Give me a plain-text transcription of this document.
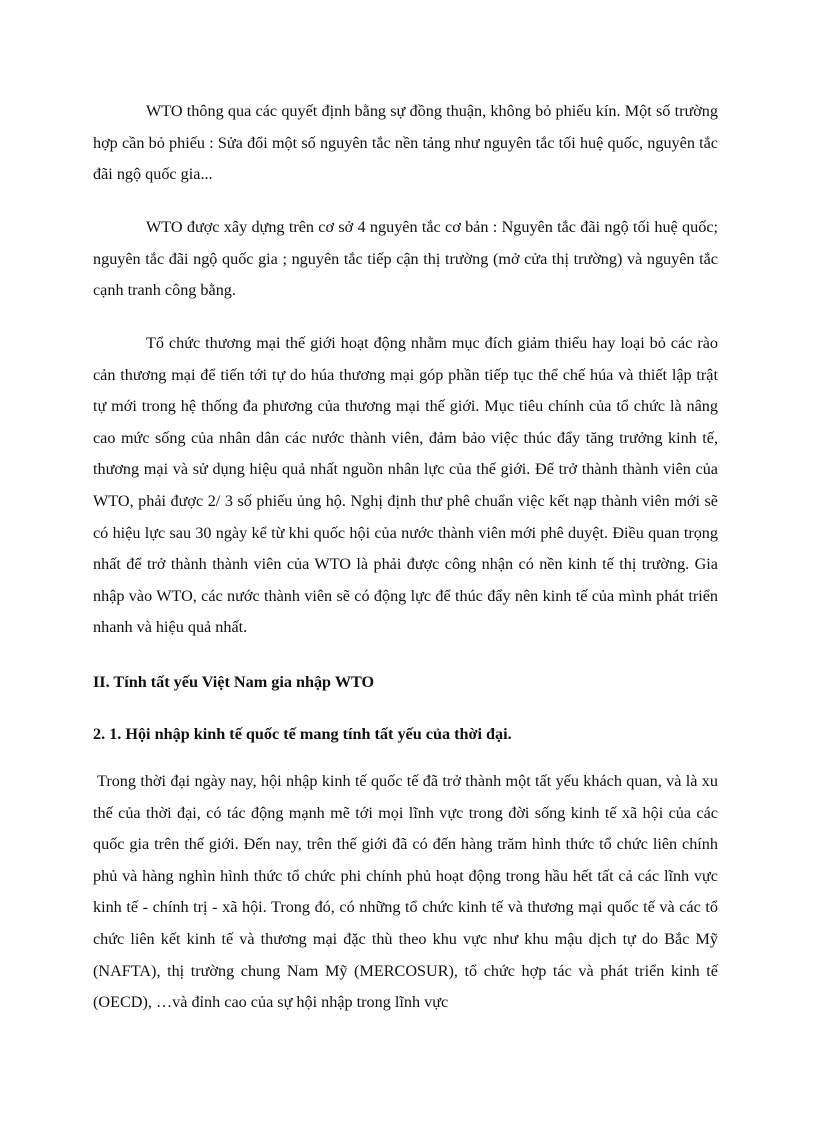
WTO thông qua các quyết định bằng sự đồng thuận, không bỏ phiếu kín. Một số trường hợp cần bỏ phiếu : Sửa đổi một số nguyên tắc nền tảng như nguyên tắc tối huệ quốc, nguyên tắc đãi ngộ quốc gia...

WTO được xây dựng trên cơ sở 4 nguyên tắc cơ bản : Nguyên tắc đãi ngộ tối huệ quốc; nguyên tắc đãi ngộ quốc gia ; nguyên tắc tiếp cận thị trường (mở cửa thị trường) và nguyên tắc cạnh tranh công bằng.

Tổ chức thương mại thế giới hoạt động nhằm mục đích giảm thiểu hay loại bỏ các rào cản thương mại để tiến tới tự do húa thương mại góp phần tiếp tục thể chế húa và thiết lập trật tự mới trong hệ thống đa phương của thương mại thế giới. Mục tiêu chính của tổ chức là nâng cao mức sống của nhân dân các nước thành viên, đảm bảo việc thúc đẩy tăng trưởng kinh tế, thương mại và sử dụng hiệu quả nhất nguồn nhân lực của thế giới. Để trở thành thành viên của WTO, phải được 2/ 3 số phiếu ủng hộ. Nghị định thư phê chuẩn việc kết nạp thành viên mới sẽ có hiệu lực sau 30 ngày kể từ khi quốc hội của nước thành viên mới phê duyệt. Điều quan trọng nhất để trở thành thành viên của WTO là phải được công nhận có nền kinh tế thị trường. Gia nhập vào WTO, các nước thành viên sẽ có động lực để thúc đẩy nên kinh tế của mình phát triển nhanh và hiệu quả nhất.

II. Tính tất yếu Việt Nam gia nhập WTO
2. 1. Hội nhập kinh tế quốc tế mang tính tất yếu của thời đại.

Trong thời đại ngày nay, hội nhập kinh tế quốc tế đã trở thành một tất yếu khách quan, và là xu thế của thời đại, có tác động mạnh mẽ tới mọi lĩnh vực trong đời sống kinh tế xã hội của các quốc gia trên thế giới. Đến nay, trên thế giới đã có đến hàng trăm hình thức tổ chức liên chính phủ và hàng nghìn hình thức tổ chức phi chính phủ hoạt động trong hầu hết tất cả các lĩnh vực kinh tế - chính trị - xã hội. Trong đó, có những tổ chức kinh tế và thương mại quốc tế và các tổ chức liên kết kinh tế và thương mại đặc thù theo khu vực như khu mậu dịch tự do Bắc Mỹ (NAFTA), thị trường chung Nam Mỹ (MERCOSUR), tổ chức hợp tác và phát triển kinh tế (OECD), …và đỉnh cao của sự hội nhập trong lĩnh vực
